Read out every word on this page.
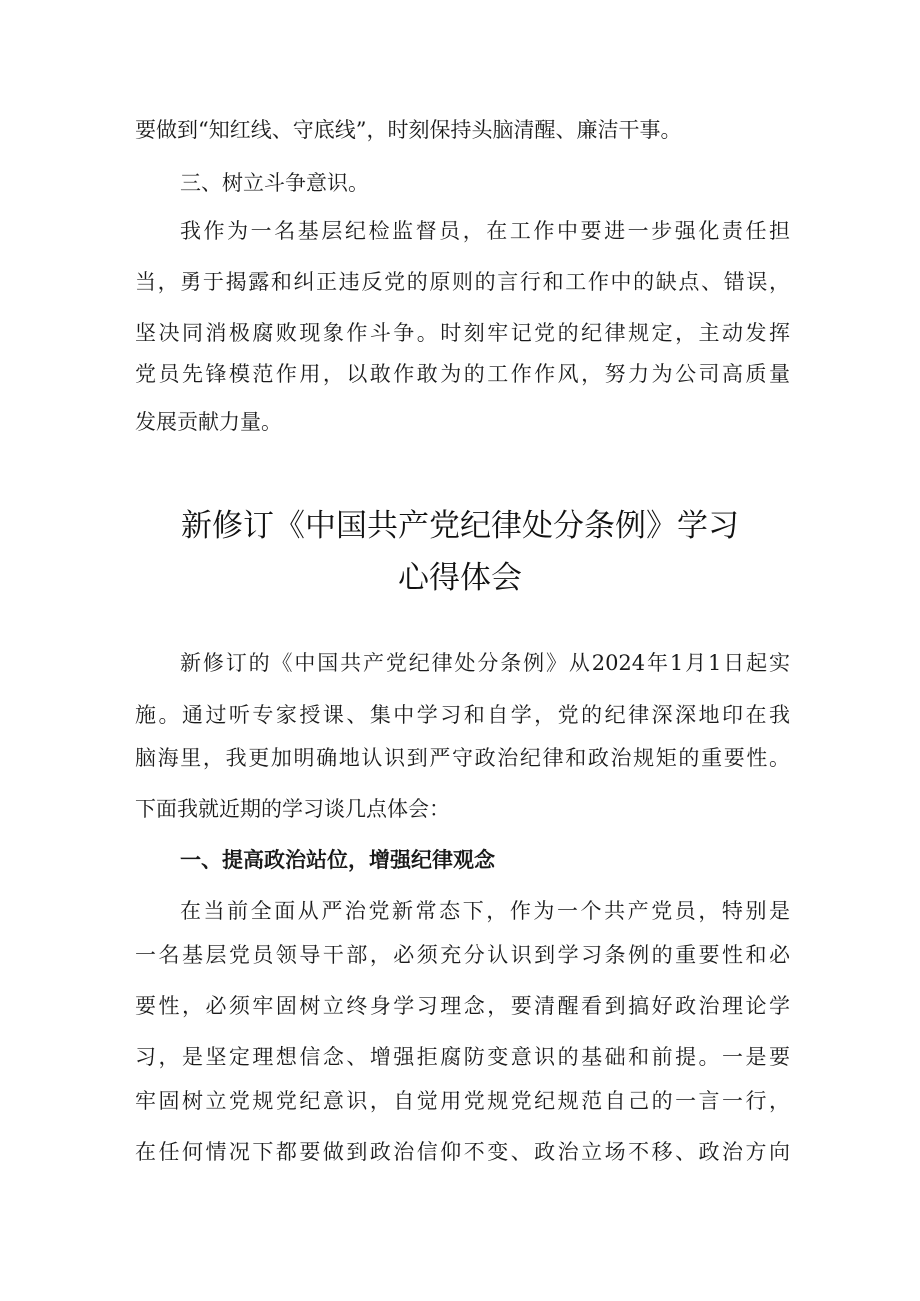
要做到“知红线、守底线”，时刻保持头脑清醒、廉洁干事。
三、树立斗争意识。
我作为一名基层纪检监督员，在工作中要进一步强化责任担
当，勇于揭露和纠正违反党的原则的言行和工作中的缺点、错误，
坚决同消极腐败现象作斗争。时刻牢记党的纪律规定，主动发挥
党员先锋模范作用，以敢作敢为的工作作风，努力为公司高质量
发展贡献力量。
新修订《中国共产党纪律处分条例》学习
心得体会
新修订的《中国共产党纪律处分条例》从2024年1月1日起实
施。通过听专家授课、集中学习和自学，党的纪律深深地印在我
脑海里，我更加明确地认识到严守政治纪律和政治规矩的重要性。
下面我就近期的学习谈几点体会：
一、提高政治站位，增强纪律观念
在当前全面从严治党新常态下，作为一个共产党员，特别是
一名基层党员领导干部，必须充分认识到学习条例的重要性和必
要性，必须牢固树立终身学习理念，要清醒看到搞好政治理论学
习，是坚定理想信念、增强拒腐防变意识的基础和前提。一是要
牢固树立党规党纪意识，自觉用党规党纪规范自己的一言一行，
在任何情况下都要做到政治信仰不变、政治立场不移、政治方向
